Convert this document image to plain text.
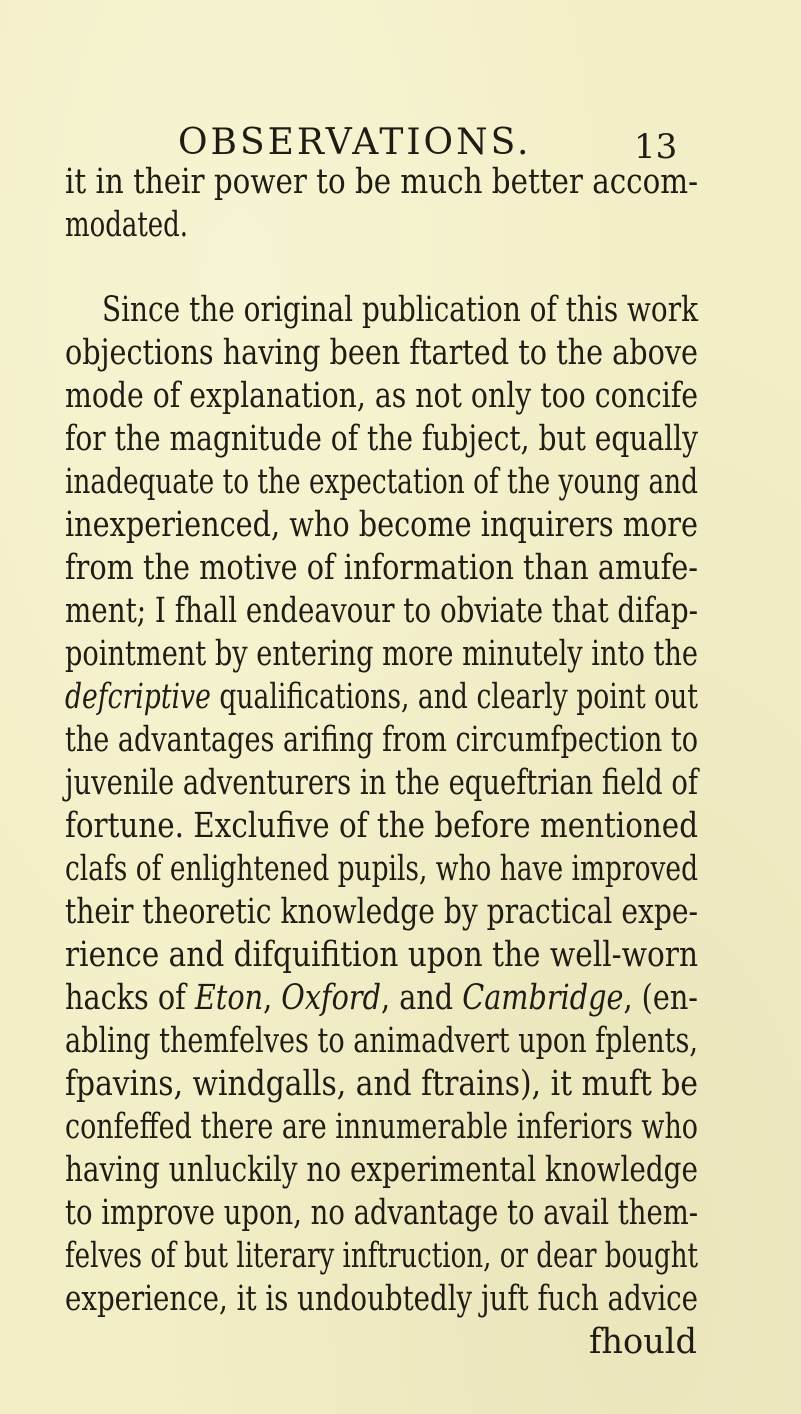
OBSERVATIONS.	13
it in their power to be much better accom-
modated.
Since the original publication of this work
objections having been ftarted to the above
mode of explanation, as not only too concife
for the magnitude of the fubject, but equally
inadequate to the expectation of the young and
inexperienced, who become inquirers more
from the motive of information than amufe-
ment; I fhall endeavour to obviate that difap-
pointment by entering more minutely into the
defcriptive qualifications, and clearly point out
the advantages arifing from circumfpection to
juvenile adventurers in the equeftrian field of
fortune. Exclufive of the before mentioned
clafs of enlightened pupils, who have improved
their theoretic knowledge by practical expe-
rience and difquifition upon the well-worn
hacks of Eton, Oxford, and Cambridge, (en-
abling themfelves to animadvert upon fplents,
fpavins, windgalls, and ftrains), it muft be
confeffed there are innumerable inferiors who
having unluckily no experimental knowledge
to improve upon, no advantage to avail them-
felves of but literary inftruction, or dear bought
experience, it is undoubtedly juft fuch advice
fhould
